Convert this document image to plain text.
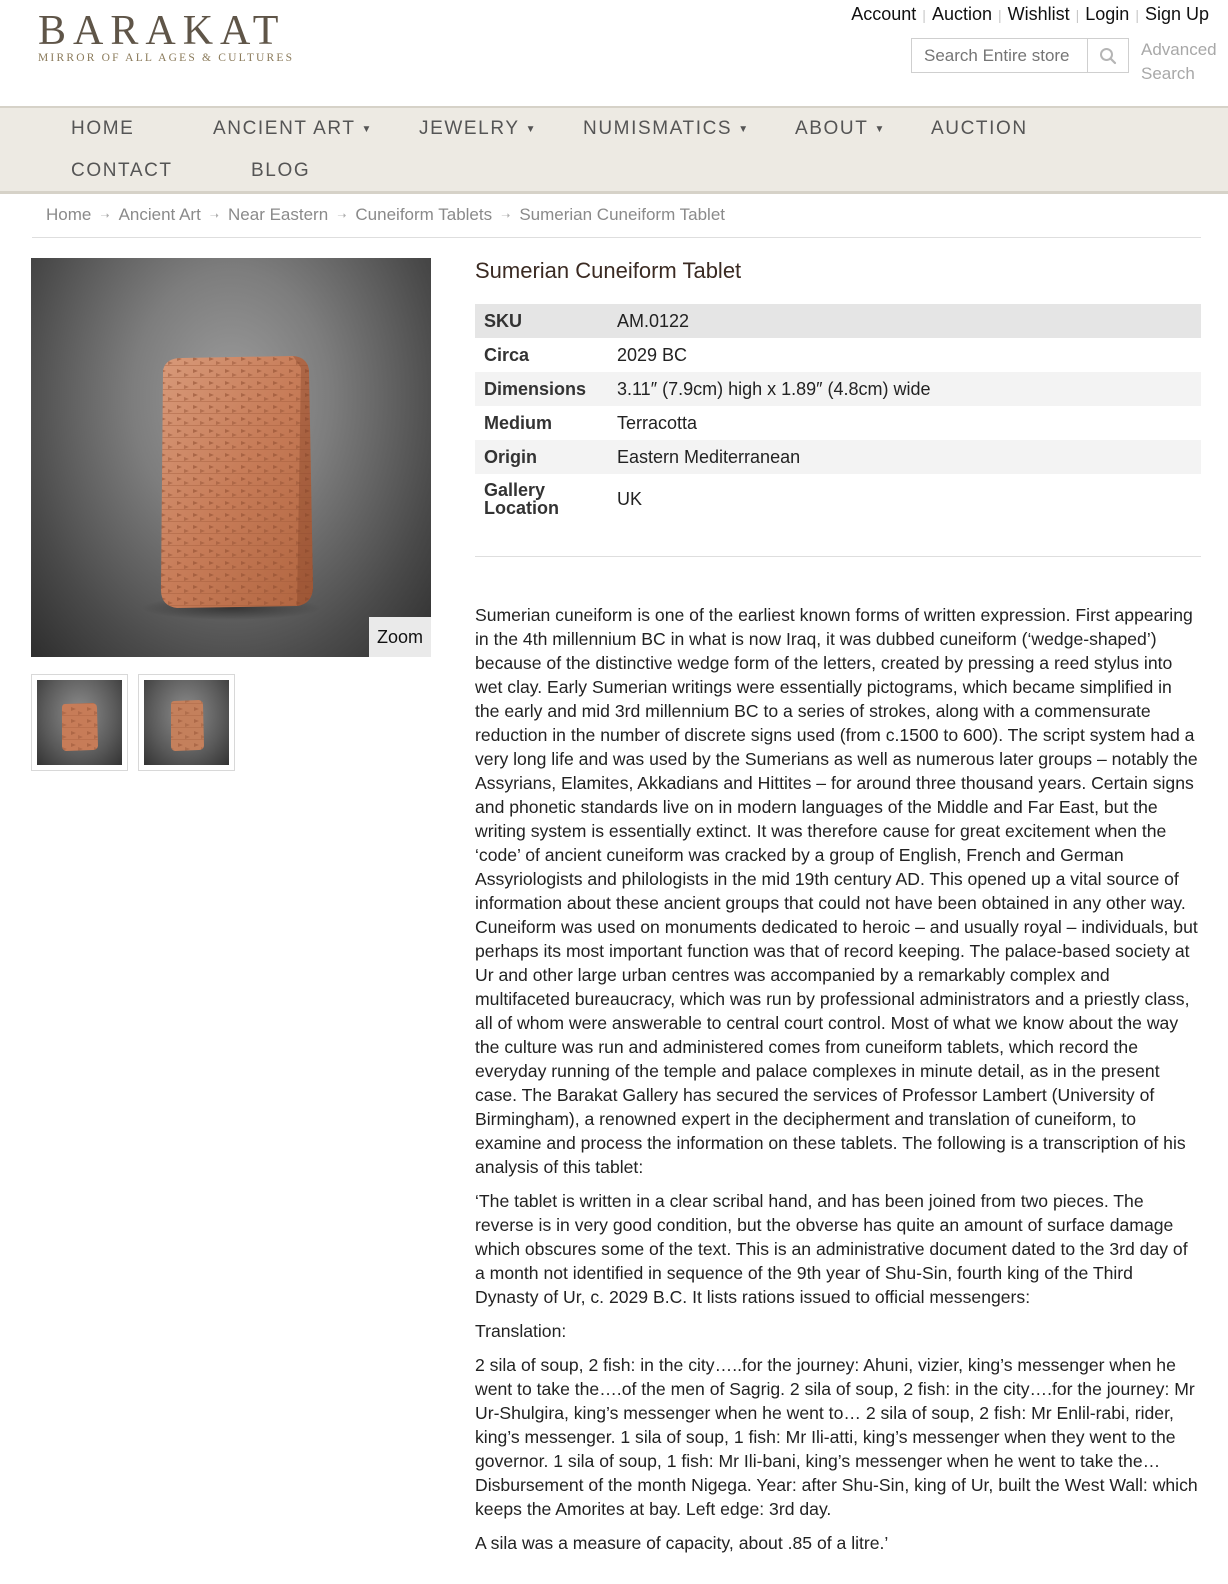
BARAKAT
MIRROR OF ALL AGES & CULTURES
Account | Auction | Wishlist | Login | Sign Up
Search Entire store here...
Advanced Search
HOME	ANCIENT ART ▼ JEWELRY ▼ NUMISMATICS ▼ ABOUT ▼ AUCTION
CONTACT	BLOG
Home ➝ Ancient Art ➝ Near Eastern ➝ Cuneiform Tablets ➝ Sumerian Cuneiform Tablet
Zoom
Sumerian Cuneiform Tablet
SKU	AM.0122
Circa	2029 BC
Dimensions	3.11″ (7.9cm) high x 1.89″ (4.8cm) wide
Medium	Terracotta
Origin	Eastern Mediterranean
Gallery Location	UK

Sumerian cuneiform is one of the earliest known forms of written expression. First appearing in the 4th millennium BC in what is now Iraq, it was dubbed cuneiform (‘wedge-shaped’) because of the distinctive wedge form of the letters, created by pressing a reed stylus into wet clay. Early Sumerian writings were essentially pictograms, which became simplified in the early and mid 3rd millennium BC to a series of strokes, along with a commensurate reduction in the number of discrete signs used (from c.1500 to 600). The script system had a very long life and was used by the Sumerians as well as numerous later groups – notably the Assyrians, Elamites, Akkadians and Hittites – for around three thousand years. Certain signs and phonetic standards live on in modern languages of the Middle and Far East, but the writing system is essentially extinct. It was therefore cause for great excitement when the ‘code’ of ancient cuneiform was cracked by a group of English, French and German Assyriologists and philologists in the mid 19th century AD. This opened up a vital source of information about these ancient groups that could not have been obtained in any other way.

Cuneiform was used on monuments dedicated to heroic – and usually royal – individuals, but perhaps its most important function was that of record keeping. The palace-based society at Ur and other large urban centres was accompanied by a remarkably complex and multifaceted bureaucracy, which was run by professional administrators and a priestly class, all of whom were answerable to central court control. Most of what we know about the way the culture was run and administered comes from cuneiform tablets, which record the everyday running of the temple and palace complexes in minute detail, as in the present case. The Barakat Gallery has secured the services of Professor Lambert (University of Birmingham), a renowned expert in the decipherment and translation of cuneiform, to examine and process the information on these tablets. The following is a transcription of his analysis of this tablet:

‘The tablet is written in a clear scribal hand, and has been joined from two pieces. The reverse is in very good condition, but the obverse has quite an amount of surface damage which obscures some of the text. This is an administrative document dated to the 3rd day of a month not identified in sequence of the 9th year of Shu-Sin, fourth king of the Third Dynasty of Ur, c. 2029 B.C. It lists rations issued to official messengers:

Translation:

2 sila of soup, 2 fish: in the city…..for the journey: Ahuni, vizier, king’s messenger when he went to take the….of the men of Sagrig. 2 sila of soup, 2 fish: in the city….for the journey: Mr Ur-Shulgira, king’s messenger when he went to… 2 sila of soup, 2 fish: Mr Enlil-rabi, rider, king’s messenger. 1 sila of soup, 1 fish: Mr Ili-atti, king’s messenger when they went to the governor. 1 sila of soup, 1 fish: Mr Ili-bani, king’s messenger when he went to take the… Disbursement of the month Nigega. Year: after Shu-Sin, king of Ur, built the West Wall: which keeps the Amorites at bay. Left edge: 3rd day.

A sila was a measure of capacity, about .85 of a litre.’
